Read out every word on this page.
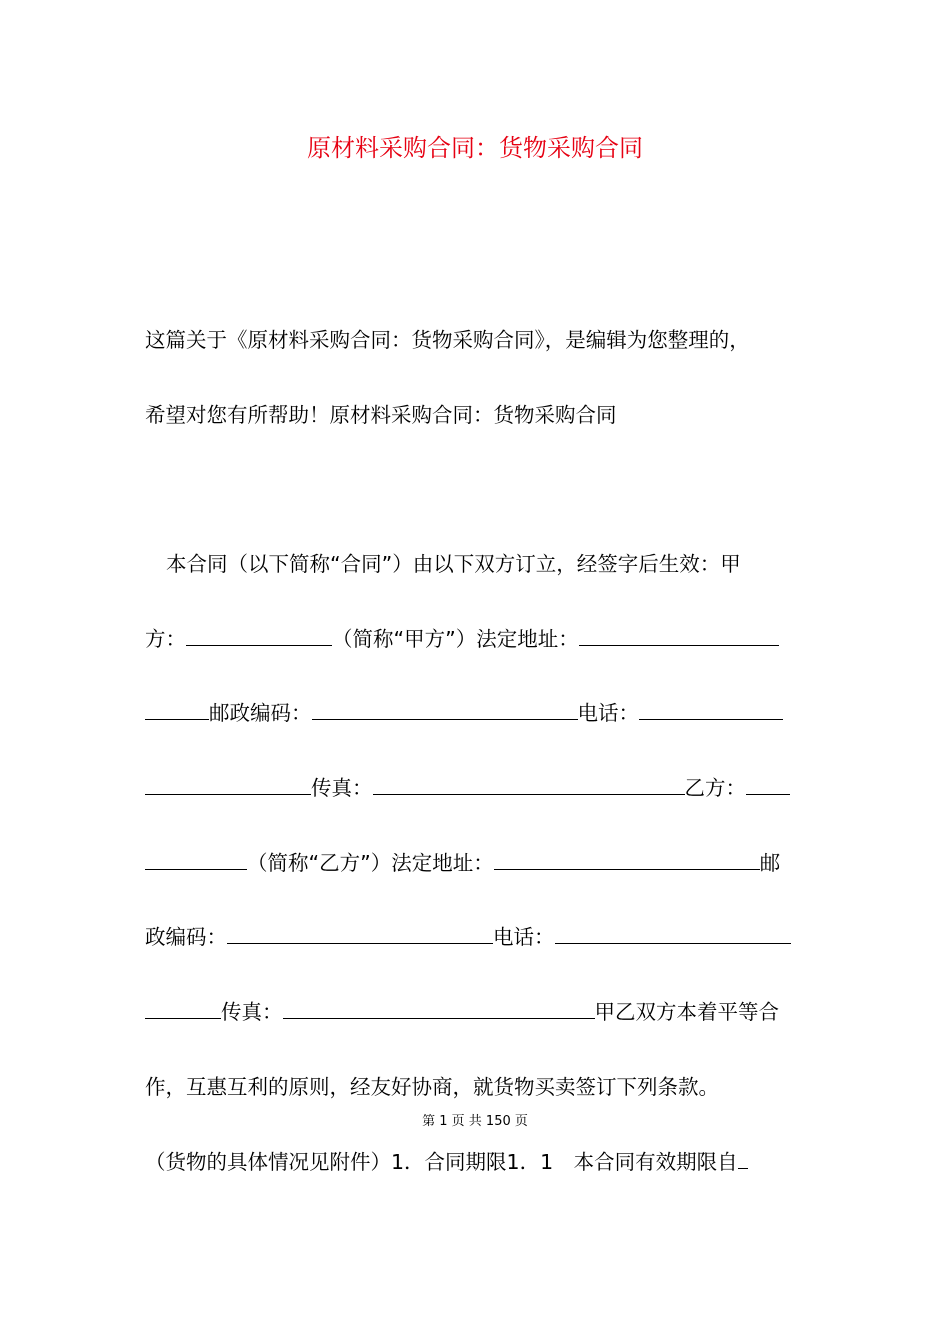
原材料采购合同：货物采购合同
这篇关于《原材料采购合同：货物采购合同》，是编辑为您整理的，
希望对您有所帮助！原材料采购合同：货物采购合同
本合同（以下简称“合同”）由以下双方订立，经签字后生效：甲
方：	（简称“甲方”）法定地址：
邮政编码：	电话：
传真：	乙方：
（简称“乙方”）法定地址：	邮
政编码：	电话：
传真：	甲乙双方本着平等合
作，互惠互利的原则，经友好协商，就货物买卖签订下列条款。
第 1 页 共 150 页
（货物的具体情况见附件）1．合同期限1．1　本合同有效期限自
